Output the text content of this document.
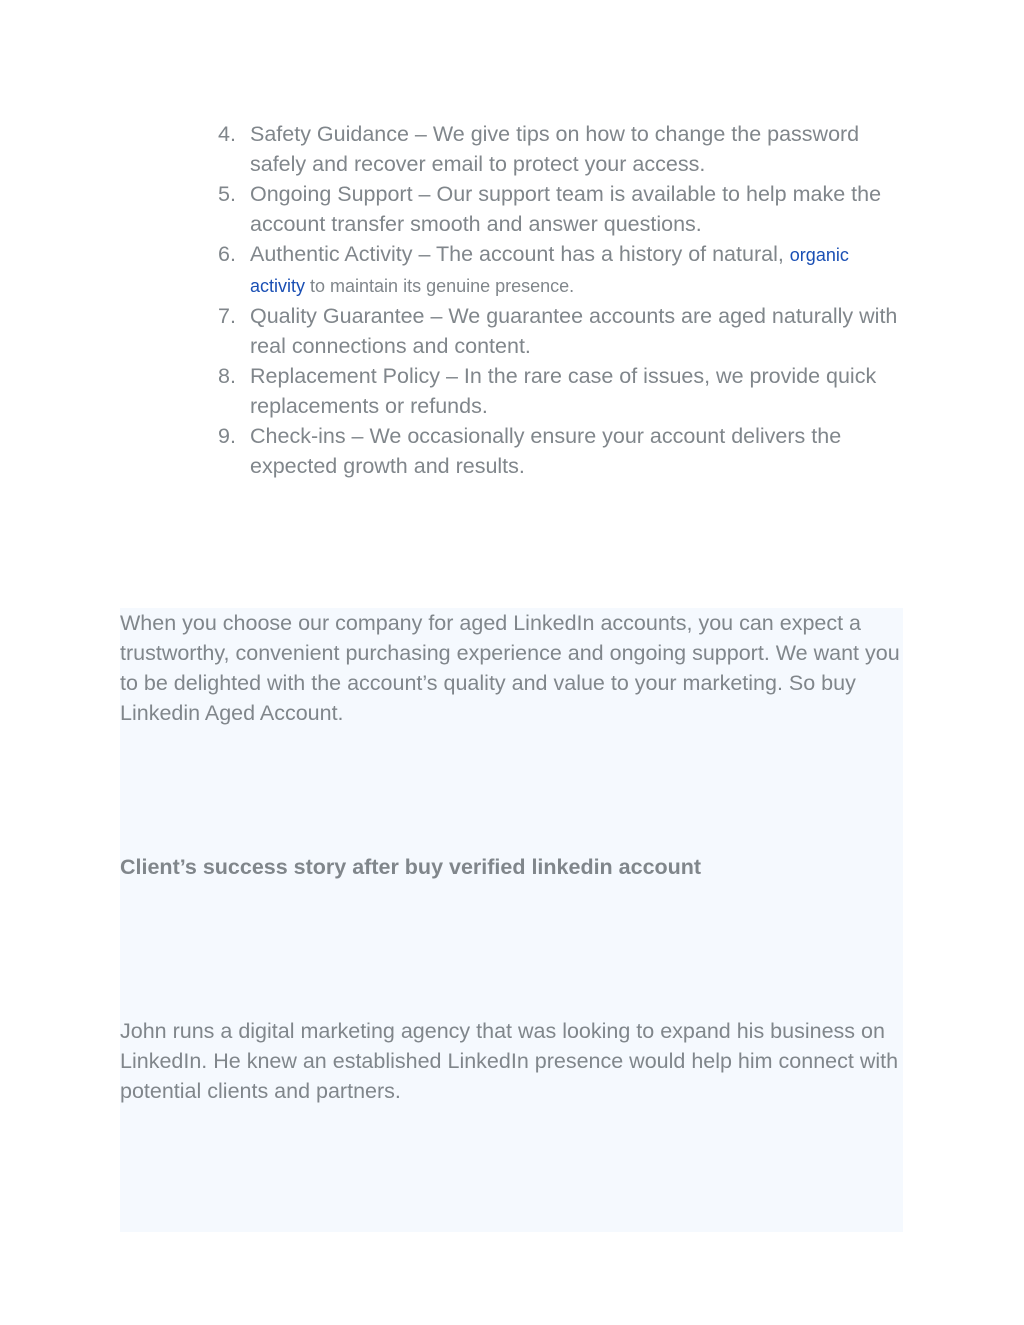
4. Safety Guidance – We give tips on how to change the password safely and recover email to protect your access.
5. Ongoing Support – Our support team is available to help make the account transfer smooth and answer questions.
6. Authentic Activity – The account has a history of natural, organic activity to maintain its genuine presence.
7. Quality Guarantee – We guarantee accounts are aged naturally with real connections and content.
8. Replacement Policy – In the rare case of issues, we provide quick replacements or refunds.
9. Check-ins – We occasionally ensure your account delivers the expected growth and results.

When you choose our company for aged LinkedIn accounts, you can expect a trustworthy, convenient purchasing experience and ongoing support. We want you to be delighted with the account’s quality and value to your marketing. So buy Linkedin Aged Account.

Client’s success story after buy verified linkedin account

John runs a digital marketing agency that was looking to expand his business on LinkedIn. He knew an established LinkedIn presence would help him connect with potential clients and partners.
